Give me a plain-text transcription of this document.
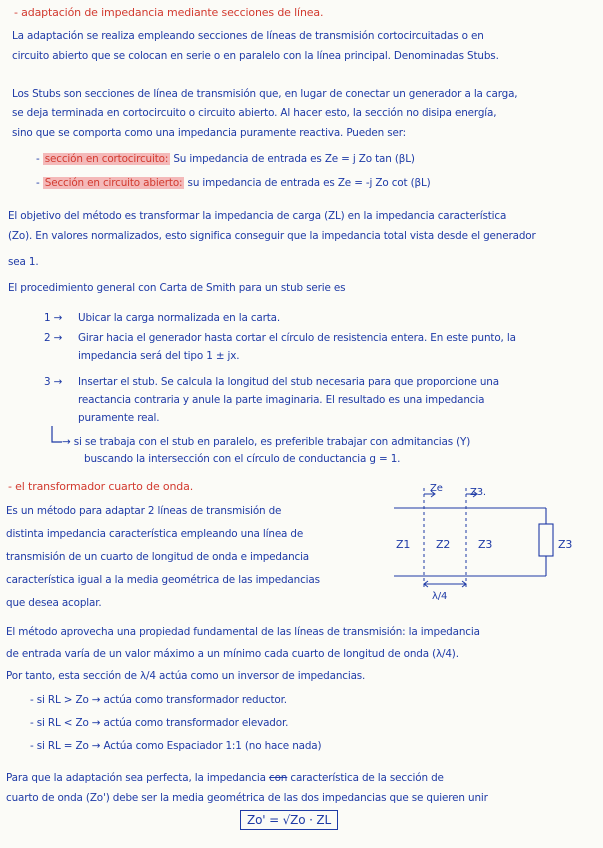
- adaptación de impedancia mediante secciones de línea.
La adaptación se realiza empleando secciones de líneas de transmisión cortocircuitadas o en
circuito abierto que se colocan en serie o en paralelo con la línea principal. Denominadas Stubs.
Los Stubs son secciones de línea de transmisión que, en lugar de conectar un generador a la carga,
se deja terminada en cortocircuito o circuito abierto. Al hacer esto, la sección no disipa energía,
sino que se comporta como una impedancia puramente reactiva. Pueden ser:
- sección en cortocircuito: Su impedancia de entrada es Ze = j Zo tan (βL)
- Sección en circuito abierto: su impedancia de entrada es Ze = -j Zo cot (βL)
El objetivo del método es transformar la impedancia de carga (ZL) en la impedancia característica
(Zo). En valores normalizados, esto significa conseguir que la impedancia total vista desde el generador
sea 1.
El procedimiento general con Carta de Smith para un stub serie es
1 → Ubicar la carga normalizada en la carta.
2 → Girar hacia el generador hasta cortar el círculo de resistencia entera. En este punto, la
impedancia será del tipo 1 ± jx.
3 → Insertar el stub. Se calcula la longitud del stub necesaria para que proporcione una
reactancia contraria y anule la parte imaginaria. El resultado es una impedancia
puramente real.
→ si se trabaja con el stub en paralelo, es preferible trabajar con admitancias (Y)
buscando la intersección con el círculo de conductancia g = 1.
- el transformador cuarto de onda.
Es un método para adaptar 2 líneas de transmisión de
distinta impedancia característica empleando una línea de
transmisión de un cuarto de longitud de onda e impedancia
característica igual a la media geométrica de las impedancias
que desea acoplar.
Ze	Z3.
Z1 Z2	Z3	Z3
λ/4
El método aprovecha una propiedad fundamental de las líneas de transmisión: la impedancia
de entrada varía de un valor máximo a un mínimo cada cuarto de longitud de onda (λ/4).
Por tanto, esta sección de λ/4 actúa como un inversor de impedancias.
- si RL > Zo → actúa como transformador reductor.
- si RL < Zo → actúa como transformador elevador.
- si RL = Zo → Actúa como Espaciador 1:1 (no hace nada)
Para que la adaptación sea perfecta, la impedancia con característica de la sección de
cuarto de onda (Zo') debe ser la media geométrica de las dos impedancias que se quieren unir
Zo' = √Zo · ZL
